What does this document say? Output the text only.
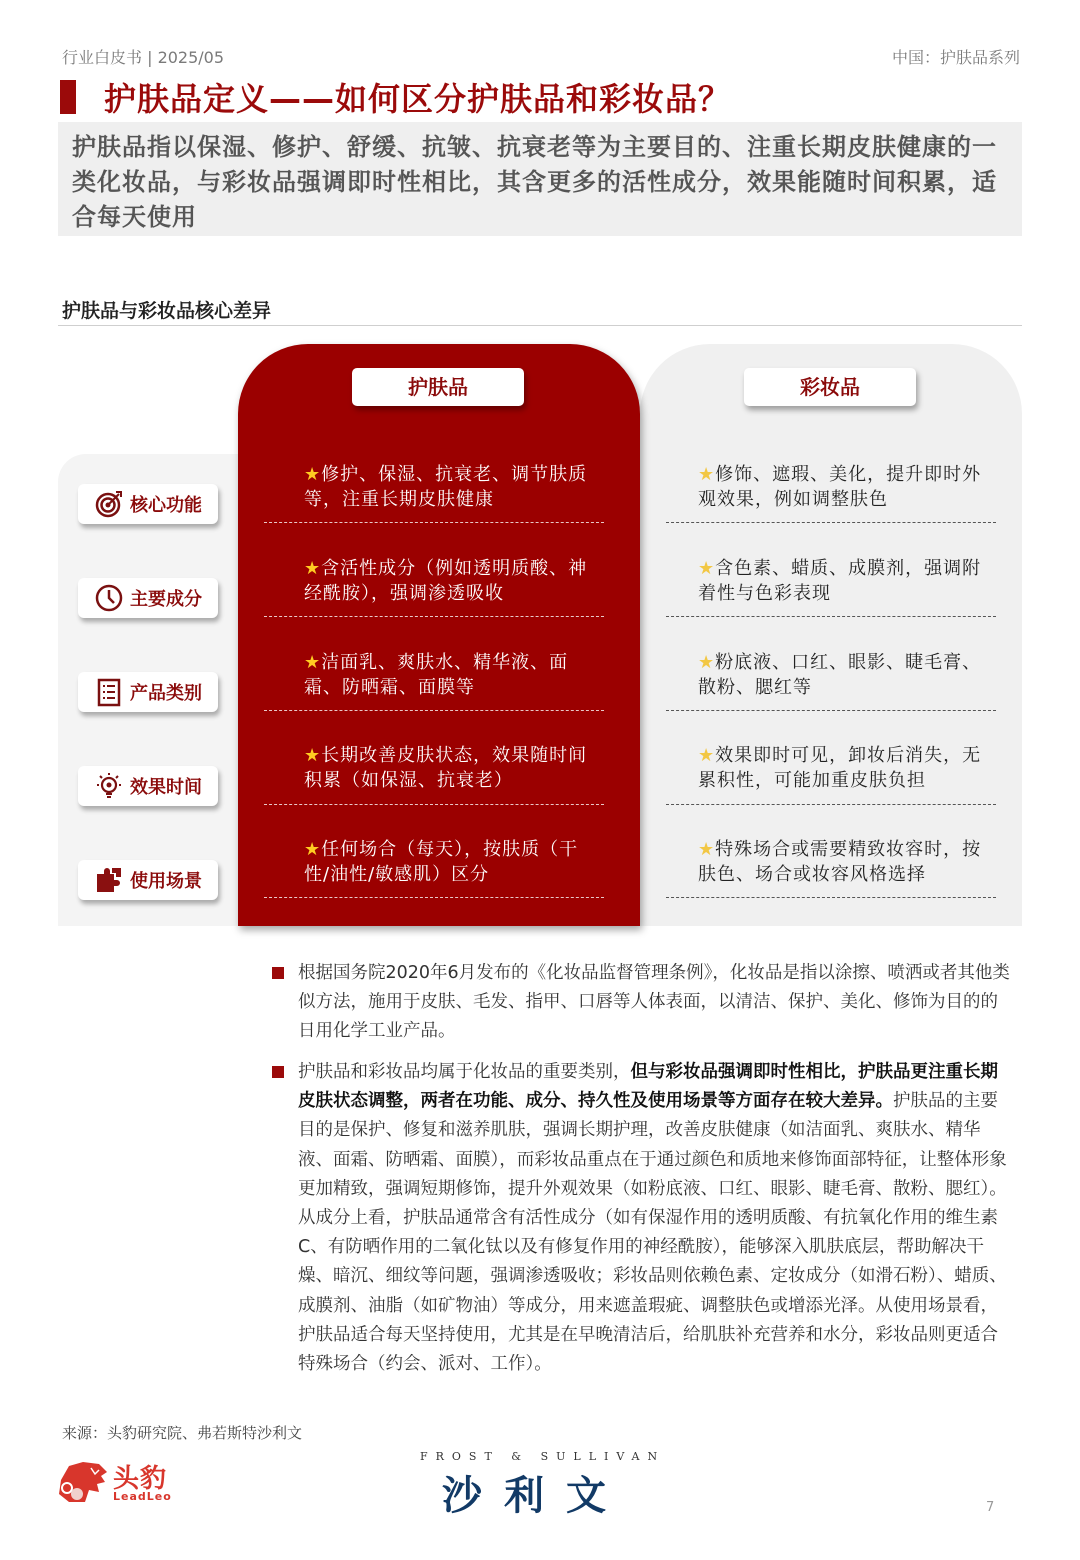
行业白皮书 | 2025/05	中国：护肤品系列
护肤品定义——如何区分护肤品和彩妆品？

护肤品指以保湿、修护、舒缓、抗皱、抗衰老等为主要目的、注重长期皮肤健康的一类化妆品，与彩妆品强调即时性相比，其含更多的活性成分，效果能随时间积累，适合每天使用

护肤品与彩妆品核心差异
核心功能
主要成分
产品类别
效果时间
使用场景
护肤品
★修护、保湿、抗衰老、调节肤质等，注重长期皮肤健康
★含活性成分（例如透明质酸、神经酰胺），强调渗透吸收
★洁面乳、爽肤水、精华液、面霜、防晒霜、面膜等
★长期改善皮肤状态，效果随时间积累（如保湿、抗衰老）
★任何场合（每天），按肤质（干性/油性/敏感肌）区分
彩妆品
★修饰、遮瑕、美化，提升即时外观效果，例如调整肤色
★含色素、蜡质、成膜剂，强调附着性与色彩表现
★粉底液、口红、眼影、睫毛膏、散粉、腮红等
★效果即时可见，卸妆后消失，无累积性，可能加重皮肤负担
★特殊场合或需要精致妆容时，按肤色、场合或妆容风格选择
根据国务院2020年6月发布的《化妆品监督管理条例》，化妆品是指以涂擦、喷洒或者其他类似方法，施用于皮肤、毛发、指甲、口唇等人体表面，以清洁、保护、美化、修饰为目的的日用化学工业产品。
护肤品和彩妆品均属于化妆品的重要类别，但与彩妆品强调即时性相比，护肤品更注重长期皮肤状态调整，两者在功能、成分、持久性及使用场景等方面存在较大差异。护肤品的主要目的是保护、修复和滋养肌肤，强调长期护理，改善皮肤健康（如洁面乳、爽肤水、精华液、面霜、防晒霜、面膜），而彩妆品重点在于通过颜色和质地来修饰面部特征，让整体形象更加精致，强调短期修饰，提升外观效果（如粉底液、口红、眼影、睫毛膏、散粉、腮红）。从成分上看，护肤品通常含有活性成分（如有保湿作用的透明质酸、有抗氧化作用的维生素C、有防晒作用的二氧化钛以及有修复作用的神经酰胺），能够深入肌肤底层，帮助解决干燥、暗沉、细纹等问题，强调渗透吸收；彩妆品则依赖色素、定妆成分（如滑石粉）、蜡质、成膜剂、油脂（如矿物油）等成分，用来遮盖瑕疵、调整肤色或增添光泽。从使用场景看，护肤品适合每天坚持使用，尤其是在早晚清洁后，给肌肤补充营养和水分，彩妆品则更适合特殊场合（约会、派对、工作）。
来源：头豹研究院、弗若斯特沙利文
头豹
LeadLeo
FROST & SULLIVAN
沙利文	7
